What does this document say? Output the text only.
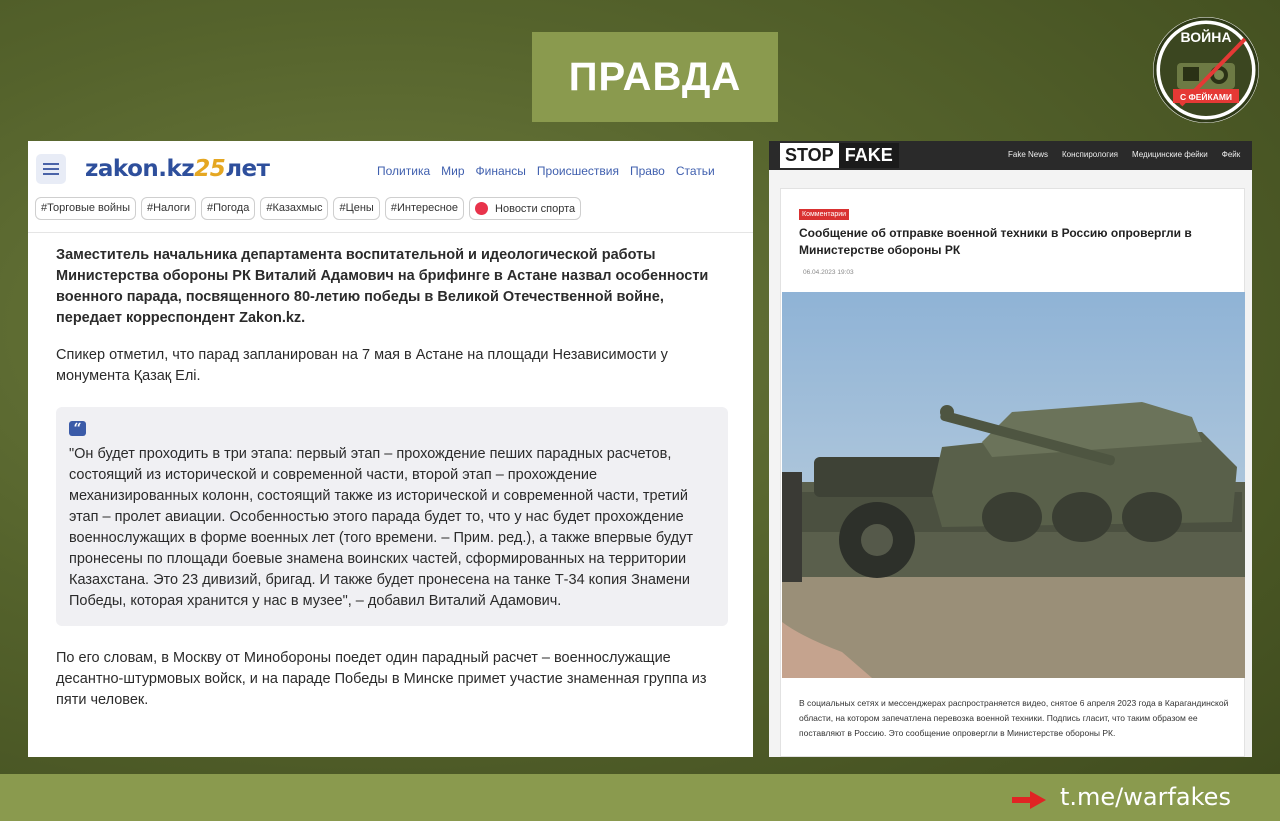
ПРАВДА
ВОЙНА
С ФЕЙКАМИ
zakon.kz25лет	Политика Мир Финансы Происшествия Право Статьи
#Торговые войны	#Налоги	#Погода	#Казахмыс	#Цены	#Интересное	Новости спорта

Заместитель начальника департамента воспитательной и идеологической работы Министерства обороны РК Виталий Адамович на брифинге в Астане назвал особенности военного парада, посвященного 80-летию победы в Великой Отечественной войне, передает корреспондент Zakon.kz.

Спикер отметил, что парад запланирован на 7 мая в Астане на площади Независимости у монумента Қазақ Елі.

“

"Он будет проходить в три этапа: первый этап – прохождение пеших парадных расчетов, состоящий из исторической и современной части, второй этап – прохождение механизированных колонн, состоящий также из исторической и современной части, третий этап – пролет авиации. Особенностью этого парада будет то, что у нас будет прохождение военнослужащих в форме военных лет (того времени. – Прим. ред.), а также впервые будут пронесены по площади боевые знамена воинских частей, сформированных на территории Казахстана. Это 23 дивизий, бригад. И также будет пронесена на танке Т-34 копия Знамени Победы, которая хранится у нас в музее", – добавил Виталий Адамович.

По его словам, в Москву от Минобороны поедет один парадный расчет – военнослужащие десантно-штурмовых войск, и на параде Победы в Минске примет участие знаменная группа из пяти человек.

STOP FAKE	Fake News Конспирология Медицинские фейки Фейк
Комментарии
Сообщение об отправке военной техники в Россию опровергли в Министерстве обороны РК
06.04.2023 19:03
В социальных сетях и мессенджерах распространяется видео, снятое 6 апреля 2023 года в Карагандинской области, на котором запечатлена перевозка военной техники. Подпись гласит, что таким образом ее поставляют в Россию. Это сообщение опровергли в Министерстве обороны РК.
t.me/warfakes
